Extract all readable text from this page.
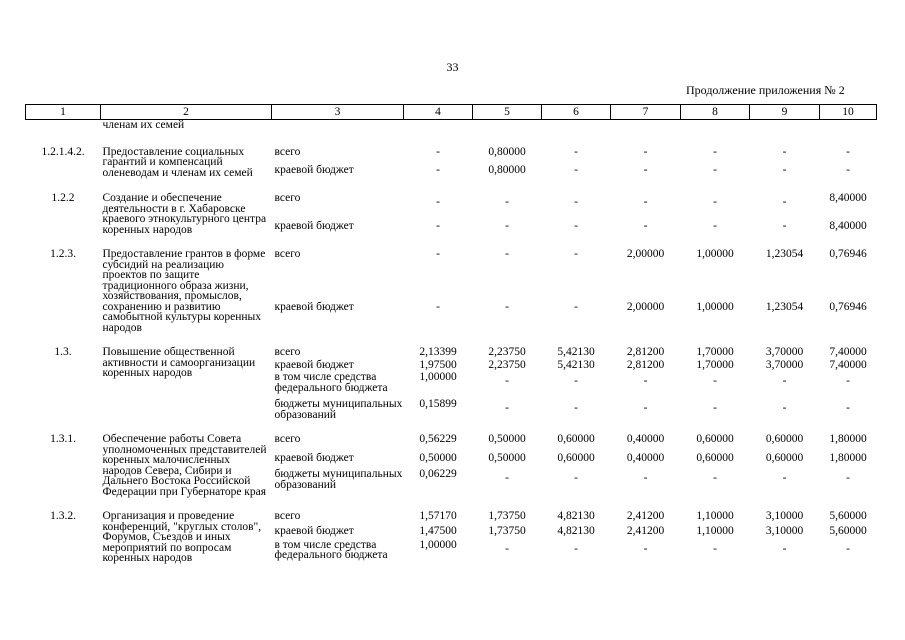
33
Продолжение приложения № 2
1	2	3	4	5	6	7	8	9	10
	членам их семей								
1.2.1.4.2.	Предоставление социальных гарантий и компенсаций оленеводам и членам их семей	всего	-	0,80000	-	-	-	-	-
		краевой бюджет	-	0,80000	-	-	-	-	-
1.2.2	Создание и обеспечение деятельности в г. Хабаровске краевого этнокультурного центра коренных народов	всего	-	-	-	-	-	-	8,40000
		краевой бюджет	-	-	-	-	-	-	8,40000
1.2.3.	Предоставление грантов в форме субсидий на реализацию проектов по защите традиционного образа жизни, хозяйствования, промыслов, сохранению и развитию самобытной культуры коренных народов	всего	-	-	-	2,00000	1,00000	1,23054	0,76946
		краевой бюджет	-	-	-	2,00000	1,00000	1,23054	0,76946
1.3.	Повышение общественной активности и самоорганизации коренных народов	всего	2,13399	2,23750	5,42130	2,81200	1,70000	3,70000	7,40000
		краевой бюджет	1,97500	2,23750	5,42130	2,81200	1,70000	3,70000	7,40000
		в том числе средства федерального бюджета	1,00000	-	-	-	-	-	-
		бюджеты муниципальных образований	0,15899	-	-	-	-	-	-
1.3.1.	Обеспечение работы Совета уполномоченных представителей коренных малочисленных народов Севера, Сибири и Дальнего Востока Российской Федерации при Губернаторе края	всего	0,56229	0,50000	0,60000	0,40000	0,60000	0,60000	1,80000
		краевой бюджет	0,50000	0,50000	0,60000	0,40000	0,60000	0,60000	1,80000
		бюджеты муниципальных образований	0,06229	-	-	-	-	-	-
1.3.2.	Организация и проведение конференций, "круглых столов", Форумов, Съездов и иных мероприятий по вопросам коренных народов	всего	1,57170	1,73750	4,82130	2,41200	1,10000	3,10000	5,60000
		краевой бюджет	1,47500	1,73750	4,82130	2,41200	1,10000	3,10000	5,60000
		в том числе средства федерального бюджета	1,00000	-	-	-	-	-	-
